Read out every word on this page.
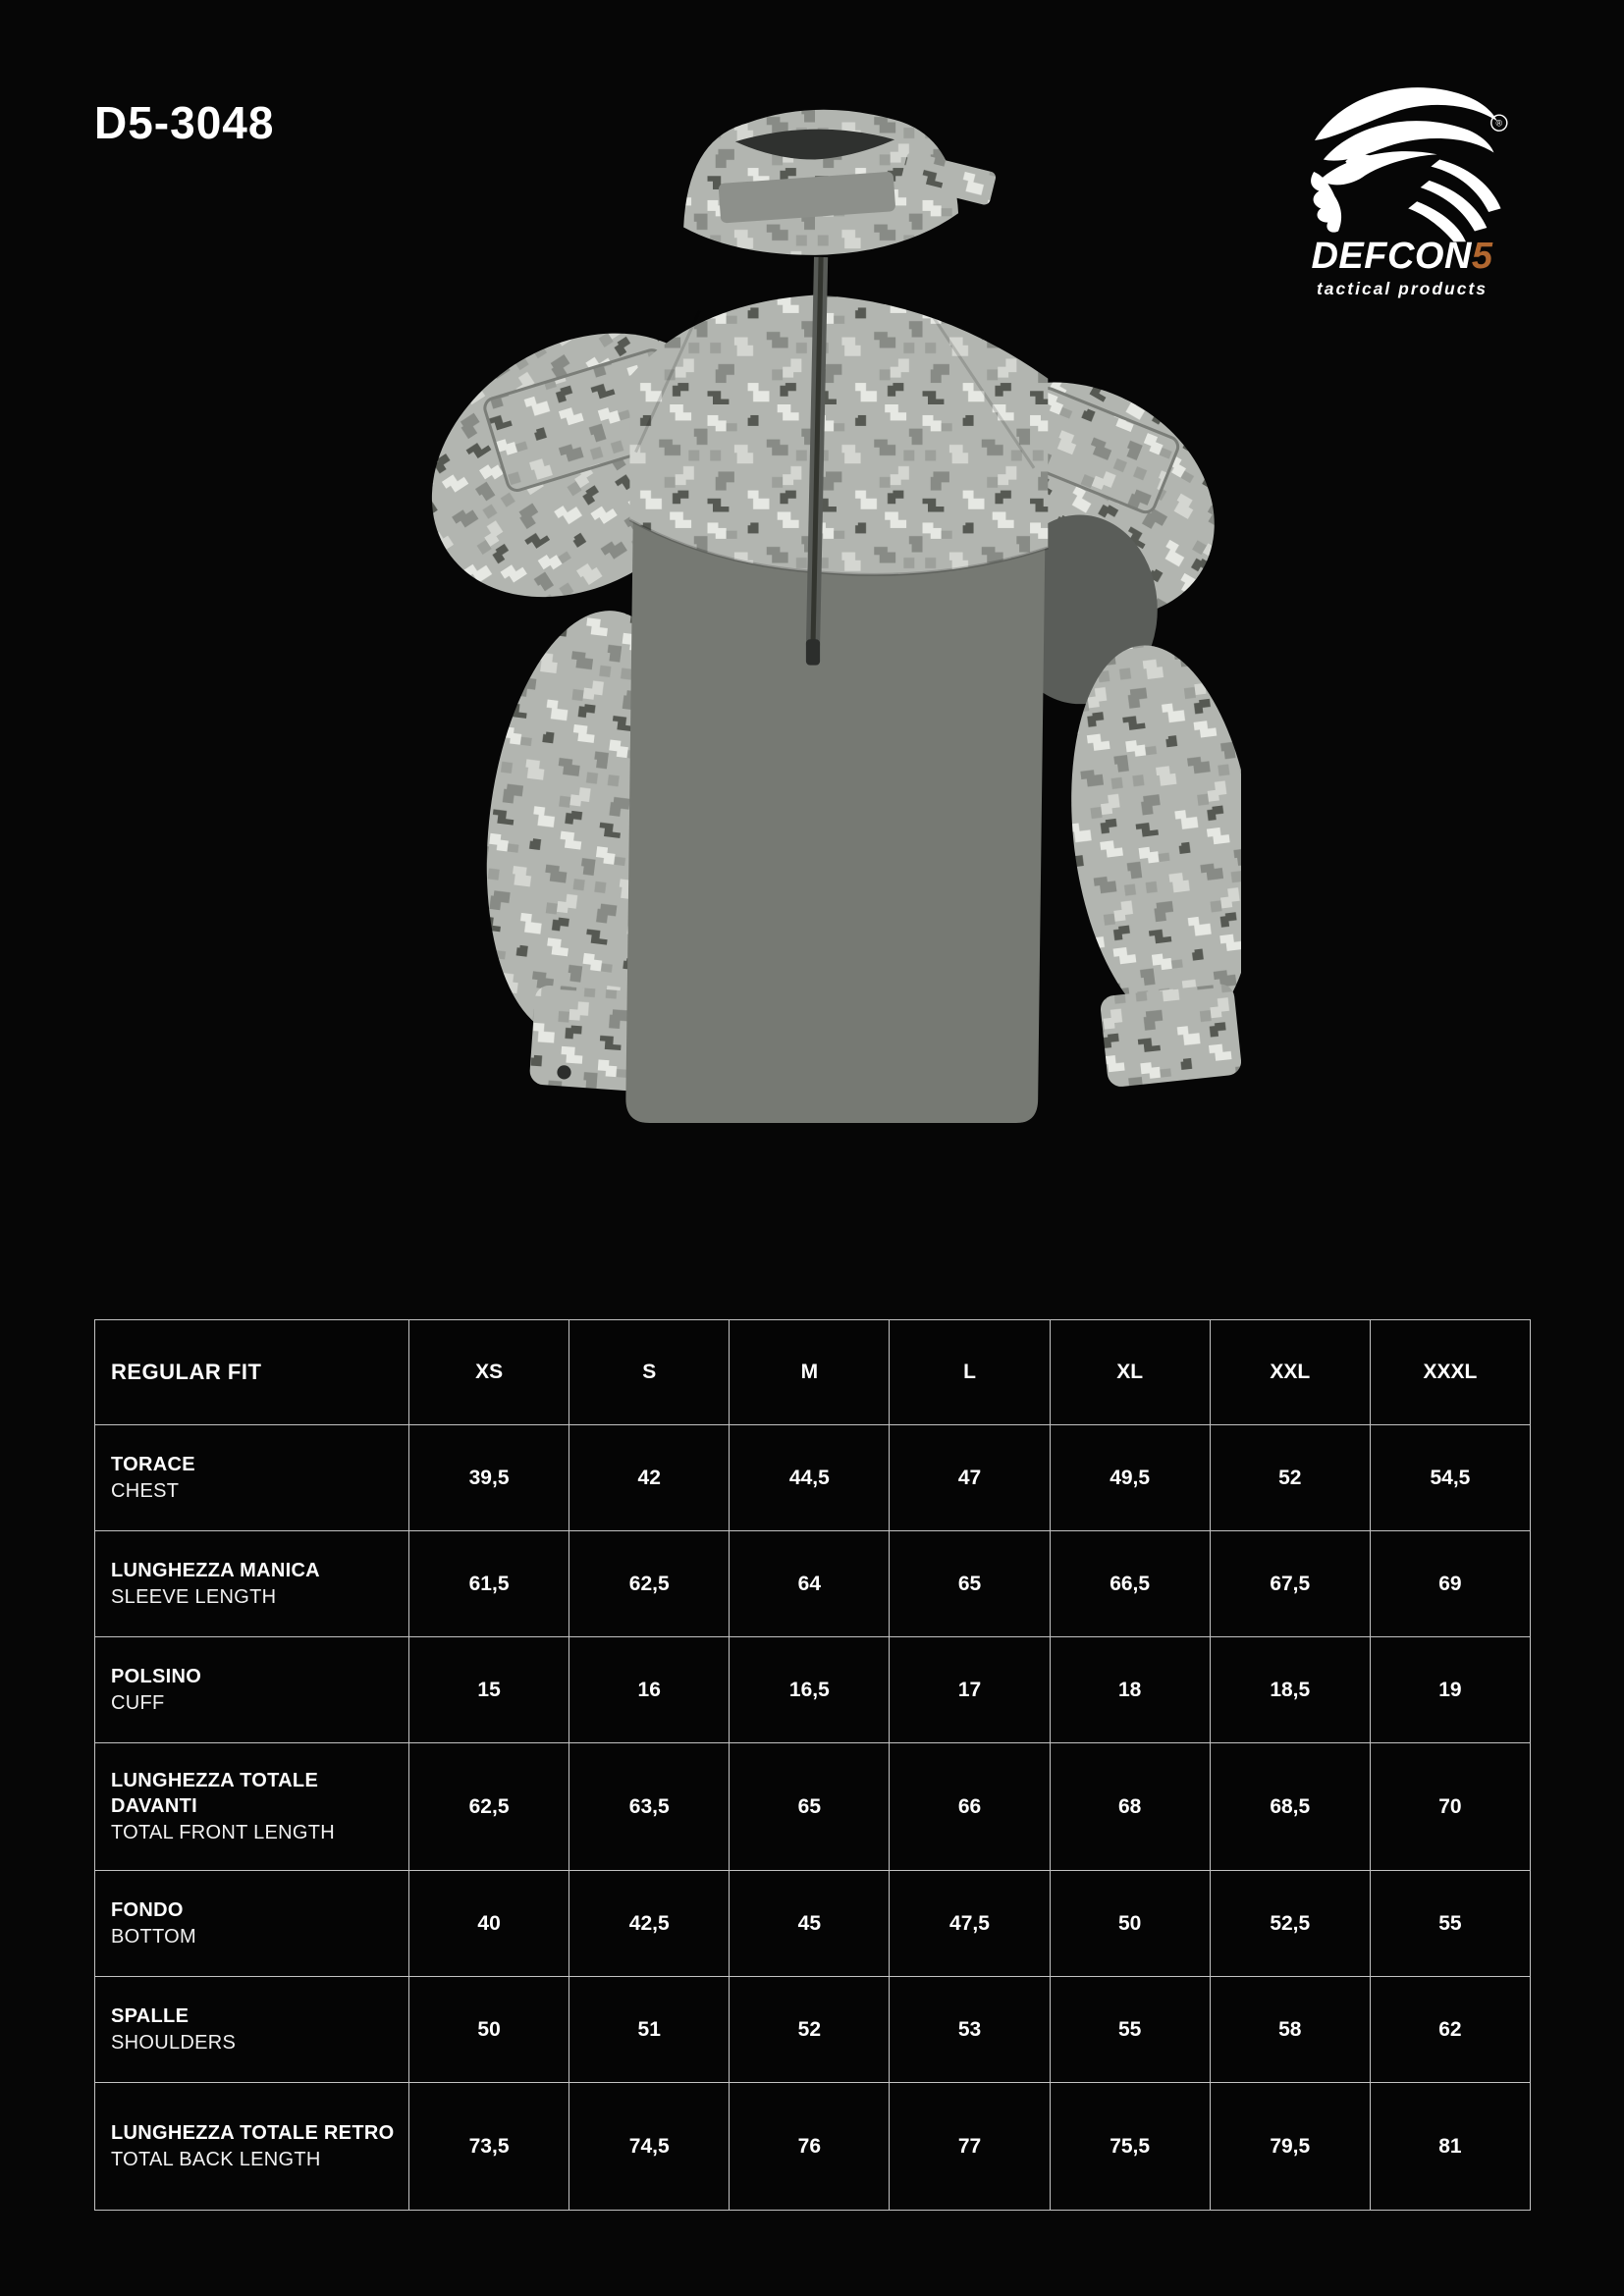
D5-3048	®
DEFCON5
tactical products
REGULAR FIT	XS	S	M	L	XL	XXL	XXXL

TORACE
CHEST	39,5	42	44,5	47	49,5	52	54,5

LUNGHEZZA MANICA
SLEEVE LENGTH	61,5	62,5	64	65	66,5	67,5	69

POLSINO
CUFF	15	16	16,5	17	18	18,5	19

LUNGHEZZA TOTALE DAVANTI
TOTAL FRONT LENGTH	62,5	63,5	65	66	68	68,5	70

FONDO
BOTTOM	40	42,5	45	47,5	50	52,5	55

SPALLE
SHOULDERS	50	51	52	53	55	58	62

LUNGHEZZA TOTALE RETRO
TOTAL BACK LENGTH	73,5	74,5	76	77	75,5	79,5	81
